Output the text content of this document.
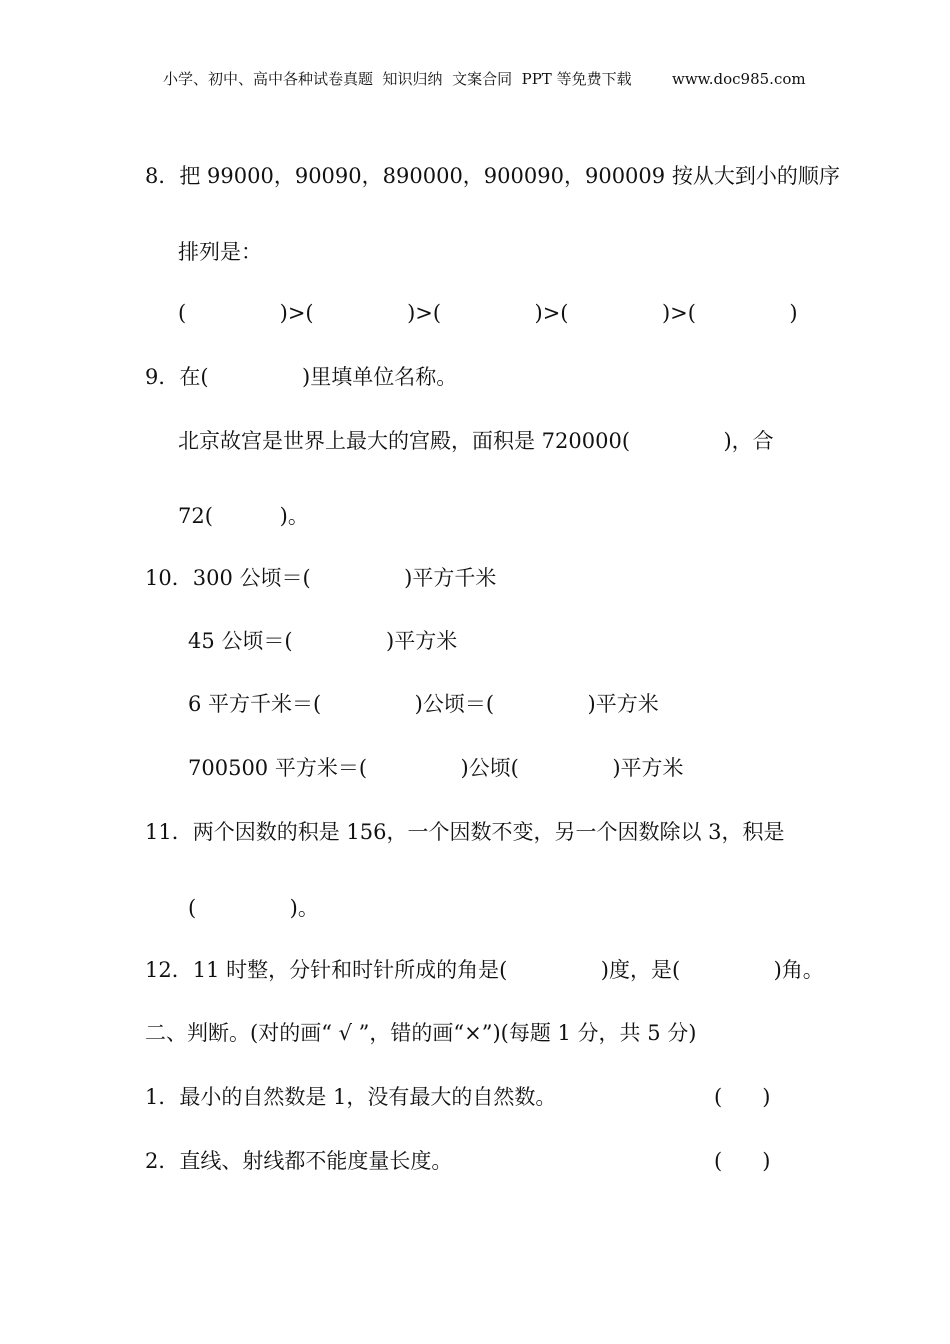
小学、初中、高中各种试卷真题  知识归纳  文案合同  PPT 等免费下载	www.doc985.com
8．把 99000，90090，890000，900090，900009 按从大到小的顺序
排列是：
(              )>(              )>(              )>(              )>(              )
9．在(              )里填单位名称。
北京故宫是世界上最大的宫殿，面积是 720000(              )，合
72(          )。
10．300 公顷＝(              )平方千米
45 公顷＝(              )平方米
6 平方千米＝(              )公顷＝(              )平方米
700500 平方米＝(              )公顷(              )平方米
11．两个因数的积是 156，一个因数不变，另一个因数除以 3，积是
(              )。
12．11 时整，分针和时针所成的角是(              )度，是(              )角。
二、判断。(对的画“ √ ”，错的画“×”)(每题 1 分，共 5 分)
1．最小的自然数是 1，没有最大的自然数。	(      )
2．直线、射线都不能度量长度。	(      )
